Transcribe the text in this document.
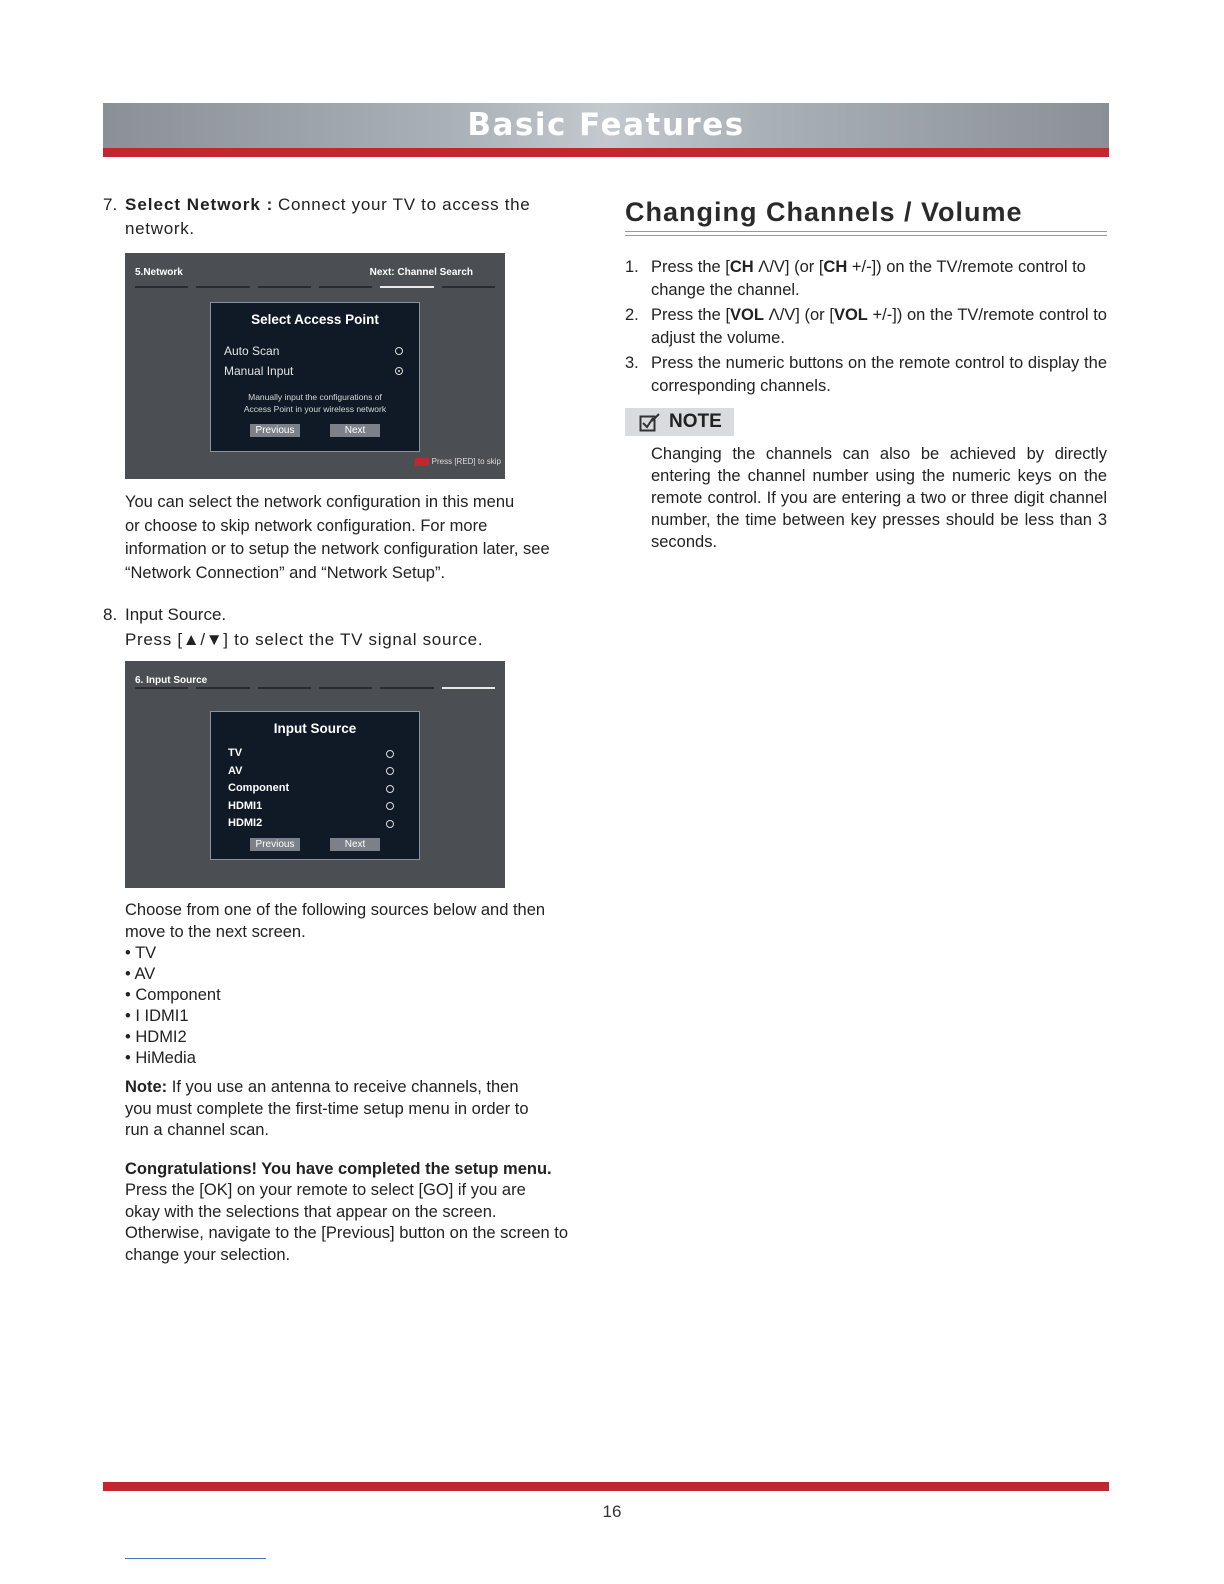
Basic Features
7. Select Network : Connect your TV to access the network.
5.Network	Next: Channel Search
Select Access Point
Auto Scan
Manual Input
Manually input the configurations of
Access Point in your wireless network
Previous	Next
Press [RED] to skip
You can select the network configuration in this menu
or choose to skip network configuration. For more
information or to setup the network configuration later, see
“Network Connection” and “Network Setup”.
8. Input Source.
Press [▲/▼] to select the TV signal source.
6. Input Source
Input Source
TV
AV
Component
HDMI1
HDMI2
Previous	Next
Choose from one of the following sources below and then
move to the next screen.
• TV
• AV
• Component
• I IDMI1
• HDMI2
• HiMedia
Note: If you use an antenna to receive channels, then
you must complete the first-time setup menu in order to
run a channel scan.
Congratulations! You have completed the setup menu.
Press the [OK] on your remote to select [GO] if you are
okay with the selections that appear on the screen.
Otherwise, navigate to the [Previous] button on the screen to
change your selection.
Changing Channels / Volume
1. Press the [CH Λ/V] (or [CH +/-]) on the TV/remote control to change the channel.
2. Press the [VOL Λ/V] (or [VOL +/-]) on the TV/remote control to adjust the volume.
3. Press the numeric buttons on the remote control to display the corresponding channels.
NOTE
Changing the channels can also be achieved by directly entering the channel number using the numeric keys on the remote control. If you are entering a two or three digit channel number, the time between key presses should be less than 3 seconds.
16
